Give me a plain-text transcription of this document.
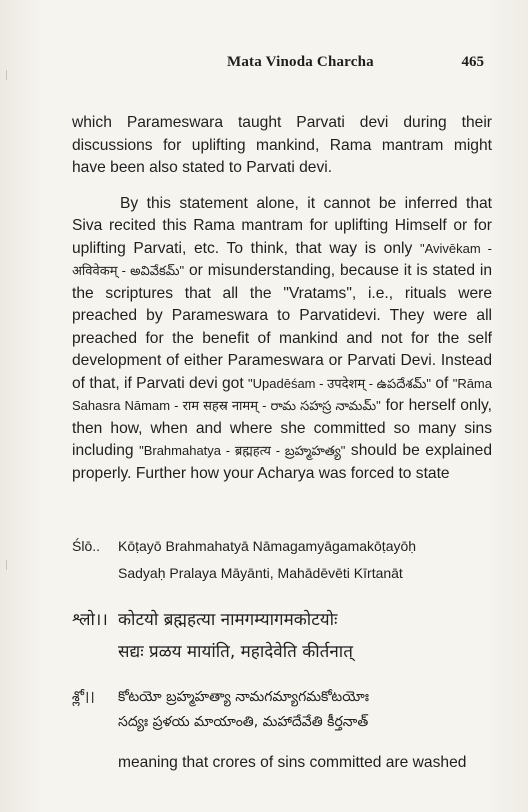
Mata Vinoda Charcha	465

which Parameswara taught Parvati devi during their discussions for uplifting mankind, Rama mantram might have been also stated to Parvati devi.

By this statement alone, it cannot be inferred that Siva recited this Rama mantram for uplifting Himself or for uplifting Parvati, etc. To think, that way is only "Avivēkam - अविवेकम् - అవివేకమ్" or misunderstanding, because it is stated in the scriptures that all the "Vratams", i.e., rituals were preached by Parameswara to Parvatidevi. They were all preached for the benefit of mankind and not for the self development of either Parameswara or Parvati Devi. Instead of that, if Parvati devi got "Upadēśam - उपदेशम् - ఉపదేశమ్" of "Rāma Sahasra Nāmam - राम सहस्र नामम् - రామ సహస్ర నామమ్" for herself only, then how, when and where she committed so many sins including "Brahmahatya - ब्रह्महत्य - బ్రహ్మహత్య" should be explained properly. Further how your Acharya was forced to state

Ślō.. Kōṭayō Brahmahatyā Nāmagamyāgamakōṭayōḥ
Sadyaḥ Pralaya Māyānti, Mahādēvēti Kīrtanāt
श्लो।। कोटयो ब्रह्महत्या नामगम्यागमकोटयोः
सद्यः प्रळय मायांति, महादेवेति कीर्तनात्
శ్లో।। కోటయో బ్రహ్మహత్యా నామగమ్యాగమకోటయోః
సద్యః ప్రళయ మాయాంతి, మహాదేవేతి కీర్తనాత్
meaning that crores of sins committed are washed
